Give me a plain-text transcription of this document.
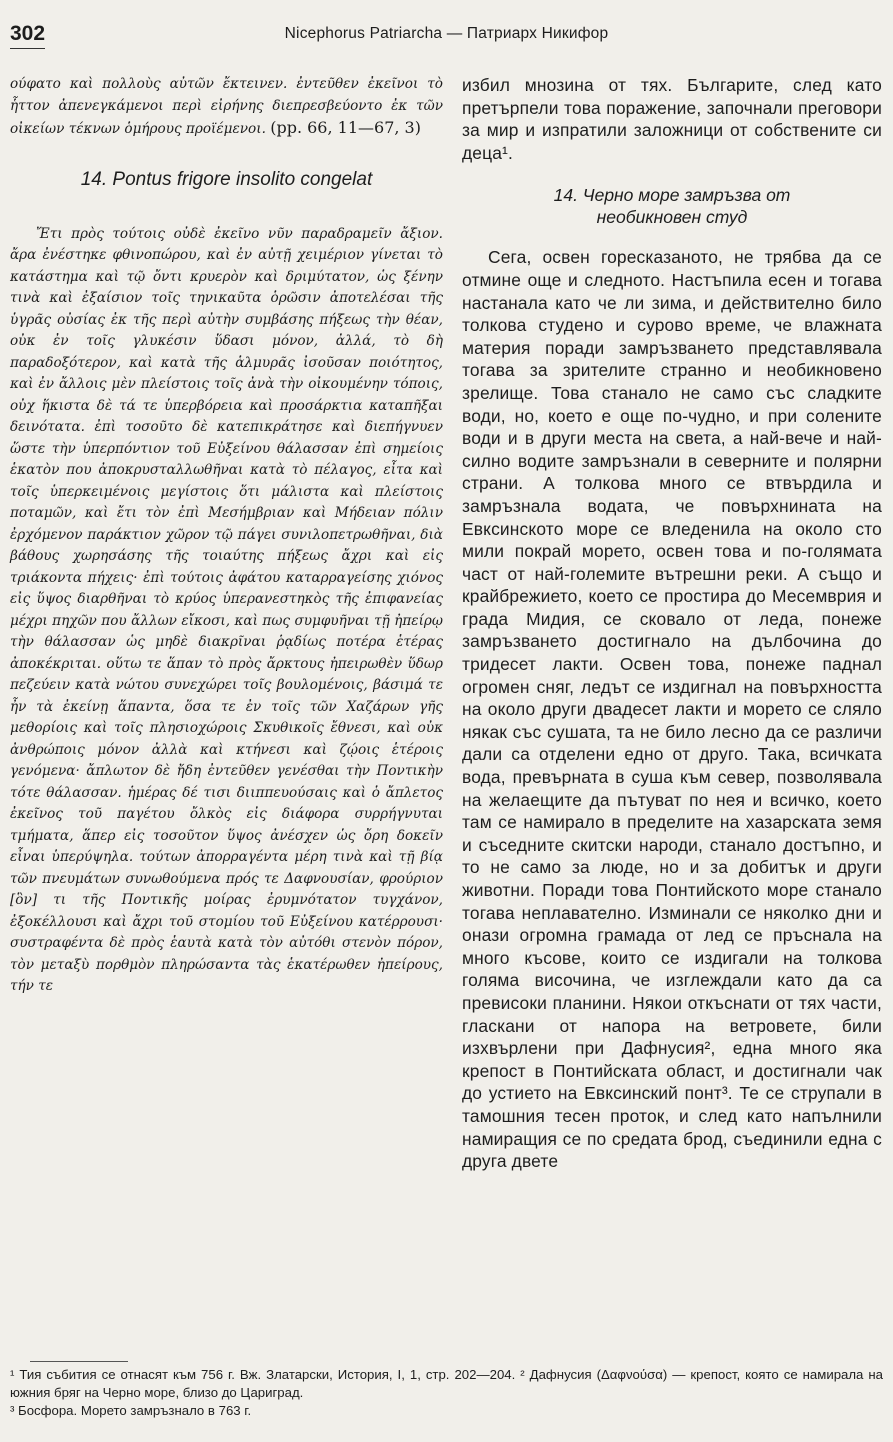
302	Nicephorus Patriarcha — Патриарх Никифор

ούφατο καὶ πολλοὺς αὐτῶν ἔκτεινεν. ἐντεῦθεν ἐκεῖνοι τὸ ἧττον ἀπενεγκάμενοι περὶ εἰρήνης διεπρεσβεύοντο ἐκ τῶν οἰκείων τέκνων ὁμήρους προϊέμενοι. (pp. 66, 11—67, 3)

14. Pontus frigore insolito congelat

Ἔτι πρὸς τούτοις οὐδὲ ἐκεῖνο νῦν παραδραμεῖν ἄξιον. ἄρα ἐνέστηκε φθινοπώρου, καὶ ἐν αὐτῇ χειμέριον γίνεται τὸ κατάστημα καὶ τῷ ὄντι κρυερὸν καὶ δριμύτατον, ὡς ξένην τινὰ καὶ ἐξαίσιον τοῖς τηνικαῦτα ὁρῶσιν ἀποτελέσαι τῆς ὑγρᾶς οὐσίας ἐκ τῆς περὶ αὐτὴν συμβάσης πήξεως τὴν θέαν, οὐκ ἐν τοῖς γλυκέσιν ὕδασι μόνον, ἀλλά, τὸ δὴ παραδοξότερον, καὶ κατὰ τῆς ἁλμυρᾶς ἰσοῦσαν ποιότητος, καὶ ἐν ἄλλοις μὲν πλείστοις τοῖς ἀνὰ τὴν οἰκουμένην τόποις, οὐχ ἥκιστα δὲ τά τε ὑπερβόρεια καὶ προσάρκτια καταπῆξαι δεινότατα. ἐπὶ τοσοῦτο δὲ κατεπικράτησε καὶ διεπήγνυεν ὥστε τὴν ὑπερπόντιον τοῦ Εὐξείνου θάλασσαν ἐπὶ σημείοις ἑκατὸν που ἀποκρυσταλλωθῆναι κατὰ τὸ πέλαγος, εἶτα καὶ τοῖς ὑπερκειμένοις μεγίστοις ὅτι μάλιστα καὶ πλείστοις ποταμῶν, καὶ ἔτι τὸν ἐπὶ Μεσήμβριαν καὶ Μήδειαν πόλιν ἐρχόμενον παράκτιον χῶρον τῷ πάγει συνιλοπετρωθῆναι, διὰ βάθους χωρησάσης τῆς τοιαύτης πήξεως ἄχρι καὶ εἰς τριάκοντα πήχεις· ἐπὶ τούτοις ἀφάτου καταρραγείσης χιόνος εἰς ὕψος διαρθῆναι τὸ κρύος ὑπερανεστηκὸς τῆς ἐπιφανείας μέχρι πηχῶν που ἄλλων εἴκοσι, καὶ πως συμφυῆναι τῇ ἠπείρῳ τὴν θάλασσαν ὡς μηδὲ διακρῖναι ῥᾳδίως ποτέρα ἑτέρας ἀποκέκριται. οὕτω τε ἅπαν τὸ πρὸς ἄρκτους ἠπειρωθὲν ὕδωρ πεζεύειν κατὰ νώτου συνεχώρει τοῖς βουλομένοις, βάσιμά τε ἦν τὰ ἐκείνῃ ἅπαντα, ὅσα τε ἐν τοῖς τῶν Χαζάρων γῆς μεθορίοις καὶ τοῖς πλησιοχώροις Σκυθικοῖς ἔθνεσι, καὶ οὐκ ἀνθρώποις μόνον ἀλλὰ καὶ κτήνεσι καὶ ζῴοις ἑτέροις γενόμενα· ἄπλωτον δὲ ἤδη ἐντεῦθεν γενέσθαι τὴν Ποντικὴν τότε θάλασσαν. ἡμέρας δέ τισι διιππευούσαις καὶ ὁ ἄπλετος ἐκεῖνος τοῦ παγέτου ὄλκὸς εἰς διάφορα συρρήγνυται τμήματα, ἅπερ εἰς τοσοῦτον ὕψος ἀνέσχεν ὡς ὄρη δοκεῖν εἶναι ὑπερύψηλα. τούτων ἀπορραγέντα μέρη τινὰ καὶ τῇ βίᾳ τῶν πνευμάτων συνωθούμενα πρός τε Δαφνουσίαν, φρούριον [ὃν] τι τῆς Ποντικῆς μοίρας ἐρυμνότατον τυγχάνον, ἐξοκέλλουσι καὶ ἄχρι τοῦ στομίου τοῦ Εὐξείνου κατέρρουσι· συστραφέντα δὲ πρὸς ἑαυτὰ κατὰ τὸν αὐτόθι στενὸν πόρον, τὸν μεταξὺ πορθμὸν πληρώσαντα τὰς ἑκατέρωθεν ἠπείρους, τήν τε

избил мнозина от тях. Българите, след като претърпели това поражение, започнали преговори за мир и изпратили заложници от собствените си деца¹.

14. Черно море замръзва от необикновен студ

Сега, освен горесказаното, не трябва да се отмине още и следното. Настъпила есен и тогава настанала като че ли зима, и действително било толкова студено и сурово време, че влажната материя поради замръзването представлявала тогава за зрителите странно и необикновено зрелище. Това станало не само със сладките води, но, което е още по-чудно, и при солените води и в други места на света, а най-вече и най-силно водите замръзнали в северните и полярни страни. А толкова много се втвърдила и замръзнала водата, че повърхнината на Евксинското море се вледенила на около сто мили покрай морето, освен това и по-голямата част от най-големите вътрешни реки. А също и крайбрежието, което се простира до Месемврия и града Мидия, се сковало от леда, понеже замръзването достигнало на дълбочина до тридесет лакти. Освен това, понеже паднал огромен сняг, ледът се издигнал на повърхността на около други двадесет лакти и морето се сляло някак със сушата, та не било лесно да се различи дали са отделени едно от друго. Така, всичката вода, превърната в суша към север, позволявала на желаещите да пътуват по нея и всичко, което там се намирало в пределите на хазарската земя и съседните скитски народи, станало достъпно, и то не само за люде, но и за добитък и други животни. Поради това Понтийското море станало тогава неплавателно. Изминали се няколко дни и онази огромна грамада от лед се пръснала на много късове, които се издигали на толкова голяма височина, че изглеждали като да са превисоки планини. Някои откъснати от тях части, гласкани от напора на ветровете, били изхвърлени при Дафнусия², една много яка крепост в Понтийската област, и достигнали чак до устието на Евксинский понт³. Те се струпали в тамошния тесен проток, и след като напълнили намиращия се по средата брод, съединили една с друга двете

¹ Тия събития се отнасят към 756 г. Вж. Златарски, История, I, 1, стр. 202—204. ² Дафнусия (Δαφνούσα) — крепост, която се намирала на южния бряг на Черно море, близо до Цариград.

³ Босфора. Морето замръзнало в 763 г.
